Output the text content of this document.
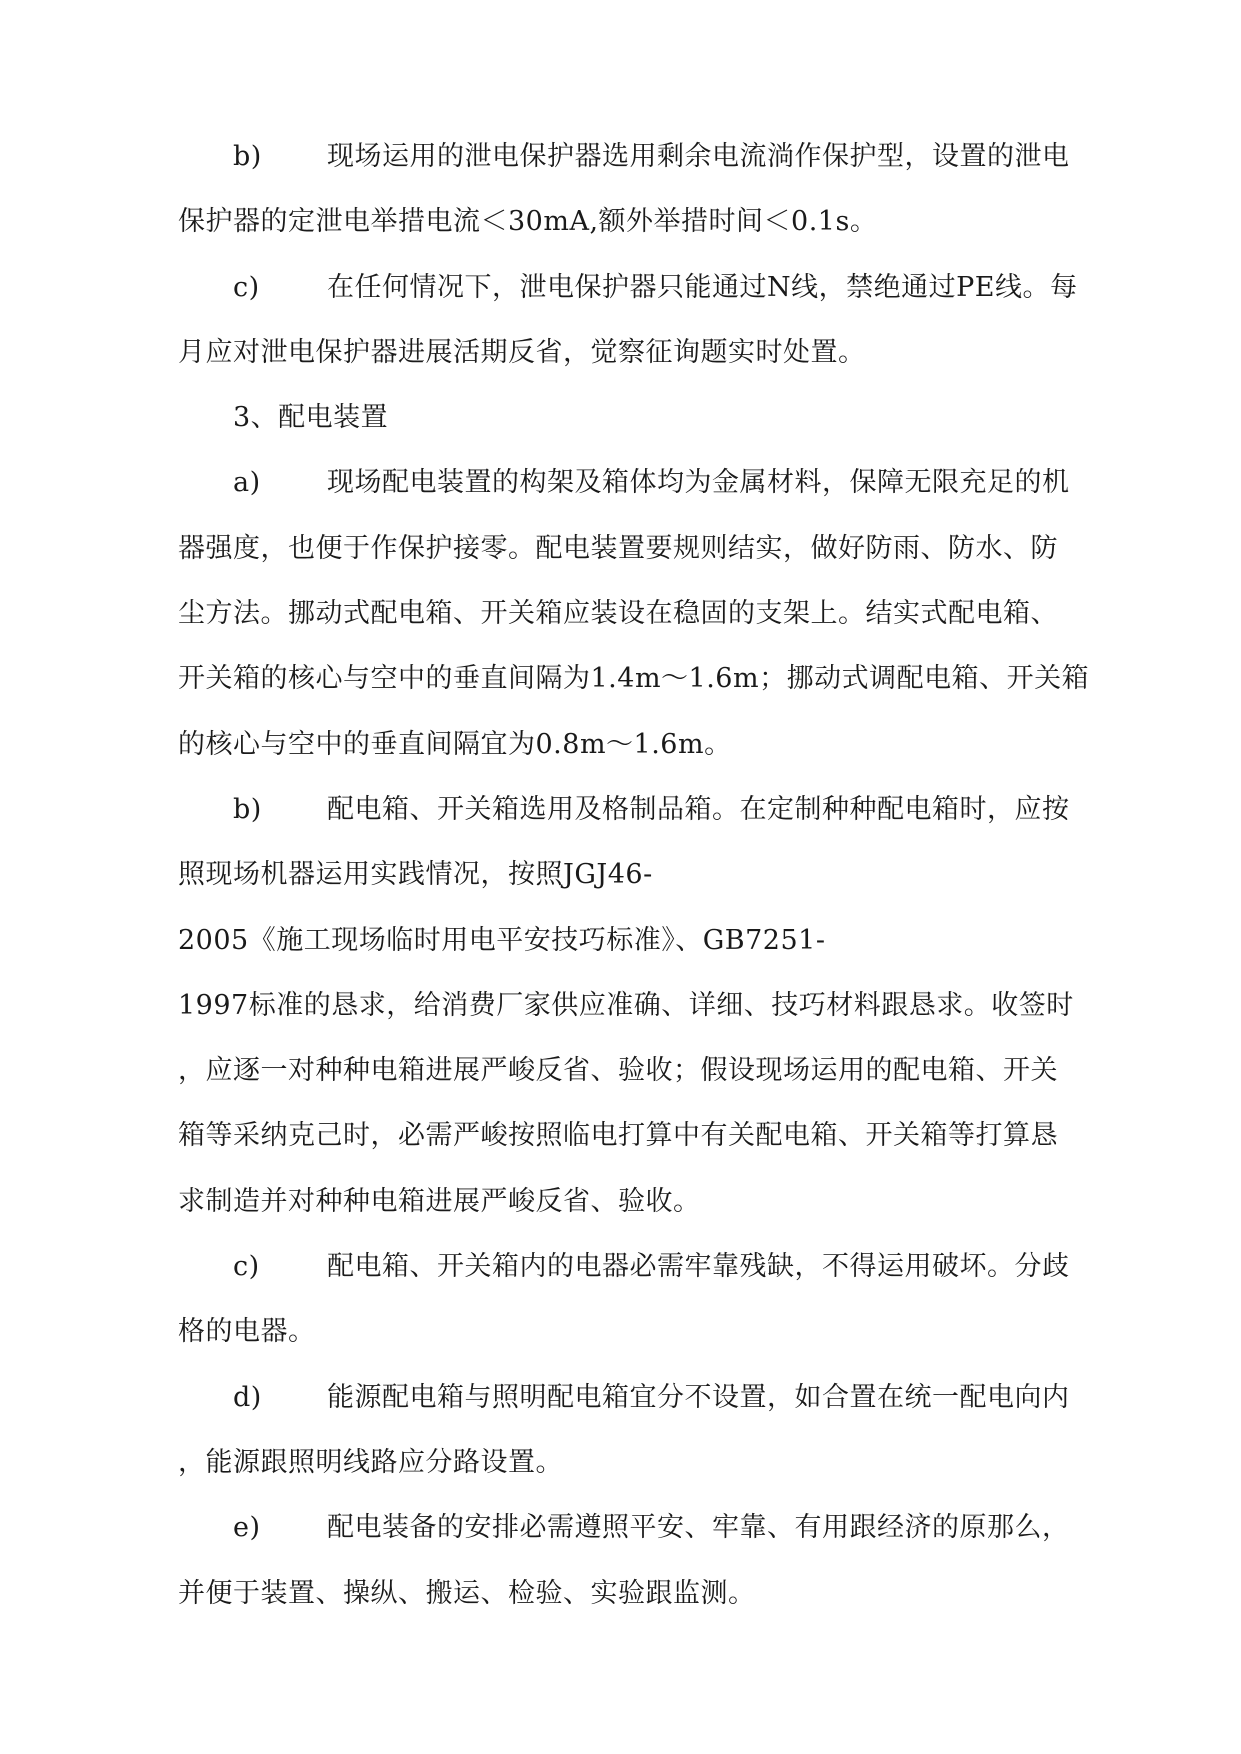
b) 现场运用的泄电保护器选用剩余电流淌作保护型，设置的泄电
保护器的定泄电举措电流＜30mA,额外举措时间＜0.1s。
c) 在任何情况下，泄电保护器只能通过N线，禁绝通过PE线。每
月应对泄电保护器进展活期反省，觉察征询题实时处置。
3、配电装置
a) 现场配电装置的构架及箱体均为金属材料，保障无限充足的机
器强度，也便于作保护接零。配电装置要规则结实，做好防雨、防水、防
尘方法。挪动式配电箱、开关箱应装设在稳固的支架上。结实式配电箱、
开关箱的核心与空中的垂直间隔为1.4m～1.6m；挪动式调配电箱、开关箱
的核心与空中的垂直间隔宜为0.8m～1.6m。
b) 配电箱、开关箱选用及格制品箱。在定制种种配电箱时，应按
照现场机器运用实践情况，按照JGJ46-
2005《施工现场临时用电平安技巧标准》、GB7251-
1997标准的恳求，给消费厂家供应准确、详细、技巧材料跟恳求。收签时
，应逐一对种种电箱进展严峻反省、验收；假设现场运用的配电箱、开关
箱等采纳克己时，必需严峻按照临电打算中有关配电箱、开关箱等打算恳
求制造并对种种电箱进展严峻反省、验收。
c) 配电箱、开关箱内的电器必需牢靠残缺，不得运用破坏。分歧
格的电器。
d) 能源配电箱与照明配电箱宜分不设置，如合置在统一配电向内
，能源跟照明线路应分路设置。
e) 配电装备的安排必需遵照平安、牢靠、有用跟经济的原那么，
并便于装置、操纵、搬运、检验、实验跟监测。
